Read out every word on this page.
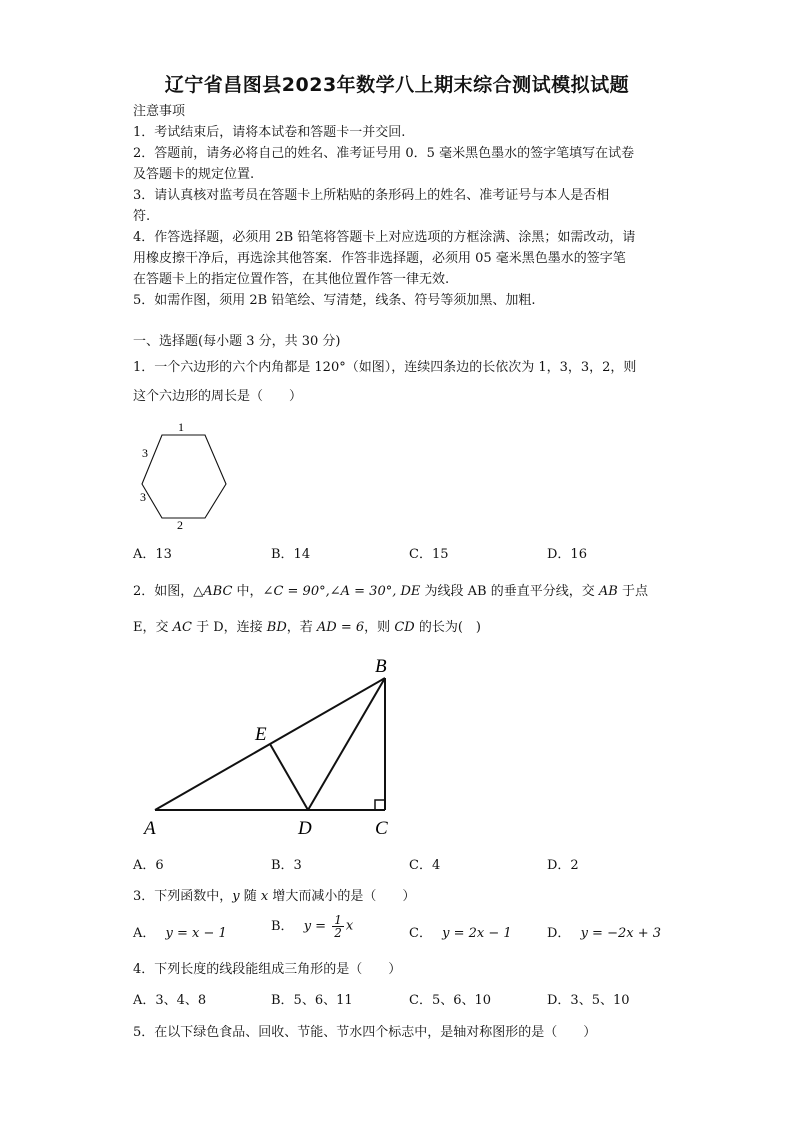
辽宁省昌图县2023年数学八上期末综合测试模拟试题
注意事项
1．考试结束后，请将本试卷和答题卡一并交回.
2．答题前，请务必将自己的姓名、准考证号用 0．5 毫米黑色墨水的签字笔填写在试卷
及答题卡的规定位置.
3．请认真核对监考员在答题卡上所粘贴的条形码上的姓名、准考证号与本人是否相
符.
4．作答选择题，必须用 2B 铅笔将答题卡上对应选项的方框涂满、涂黑；如需改动，请
用橡皮擦干净后，再选涂其他答案．作答非选择题，必须用 05 毫米黑色墨水的签字笔
在答题卡上的指定位置作答，在其他位置作答一律无效.
5．如需作图，须用 2B 铅笔绘、写清楚，线条、符号等须加黑、加粗.
一、选择题(每小题 3 分，共 30 分)
1．一个六边形的六个内角都是 120°（如图），连续四条边的长依次为 1，3，3，2，则
这个六边形的周长是（　　）
1
3
3
2
A．13	B．14	C．15	D．16
2．如图，△ABC 中，∠C = 90°,∠A = 30°, DE 为线段 AB 的垂直平分线，交 AB 于点
E，交 AC 于 D，连接 BD，若 AD = 6，则 CD 的长为(　)
A
B
C
D
E
A．6	B．3	C．4	D．2
3．下列函数中，y 随 x 增大而减小的是（　　）
A． y = x − 1	B． $y = \frac{1}{2}$ x	C． y = 2x − 1	D． y = −2x + 3
4．下列长度的线段能组成三角形的是（　　）
A．3、4、8	B．5、6、11	C．5、6、10	D．3、5、10
5．在以下绿色食品、回收、节能、节水四个标志中，是轴对称图形的是（　　）
